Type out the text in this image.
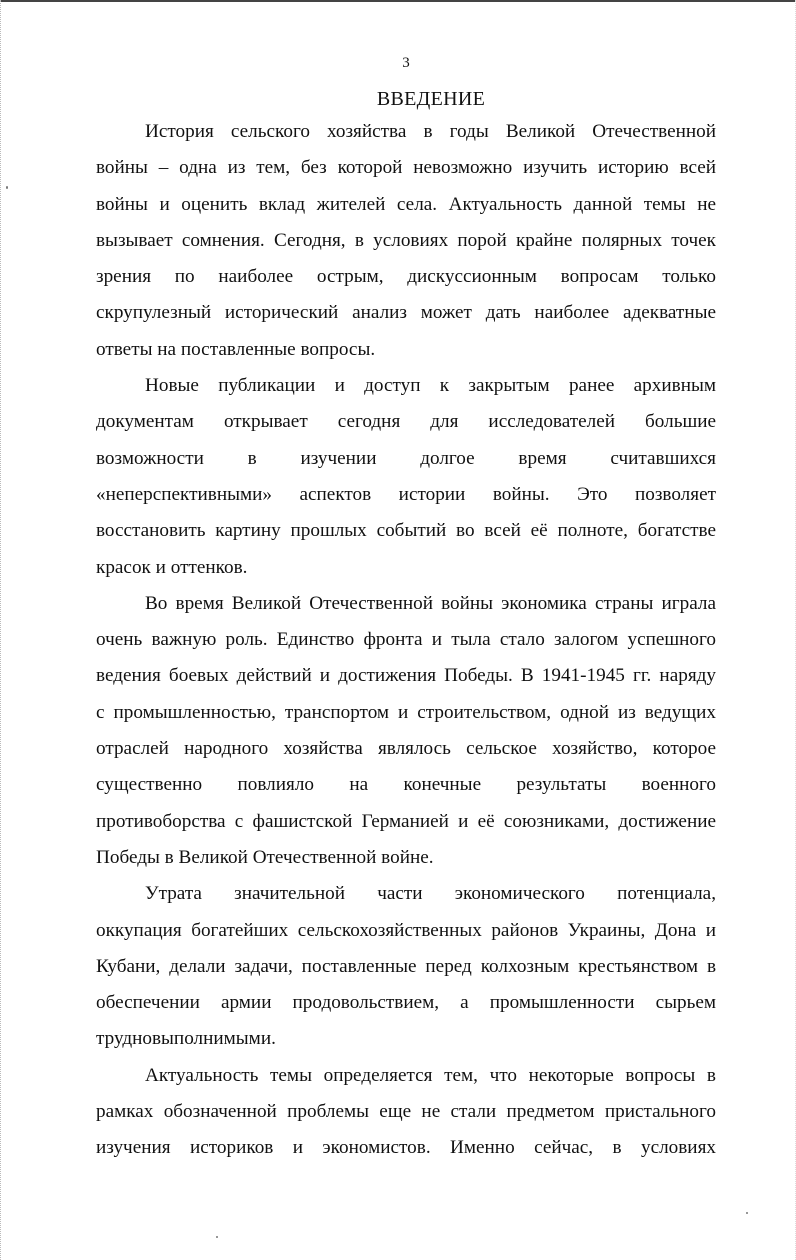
3
ВВЕДЕНИЕ
История сельского хозяйства в годы Великой Отечественной
войны – одна из тем, без которой невозможно изучить историю всей
войны и оценить вклад жителей села. Актуальность данной темы не
вызывает сомнения. Сегодня, в условиях порой крайне полярных точек
зрения по наиболее острым, дискуссионным вопросам только
скрупулезный исторический анализ может дать наиболее адекватные
ответы на поставленные вопросы.
Новые публикации и доступ к закрытым ранее архивным
документам открывает сегодня для исследователей большие
возможности в изучении долгое время считавшихся
«неперспективными» аспектов истории войны. Это позволяет
восстановить картину прошлых событий во всей её полноте, богатстве
красок и оттенков.
Во время Великой Отечественной войны экономика страны играла
очень важную роль. Единство фронта и тыла стало залогом успешного
ведения боевых действий и достижения Победы. В 1941-1945 гг. наряду
с промышленностью, транспортом и строительством, одной из ведущих
отраслей народного хозяйства являлось сельское хозяйство, которое
существенно повлияло на конечные результаты военного
противоборства с фашистской Германией и её союзниками, достижение
Победы в Великой Отечественной войне.
Утрата значительной части экономического потенциала,
оккупация богатейших сельскохозяйственных районов Украины, Дона и
Кубани, делали задачи, поставленные перед колхозным крестьянством в
обеспечении армии продовольствием, а промышленности сырьем
трудновыполнимыми.
Актуальность темы определяется тем, что некоторые вопросы в
рамках обозначенной проблемы еще не стали предметом пристального
изучения историков и экономистов. Именно сейчас, в условиях
